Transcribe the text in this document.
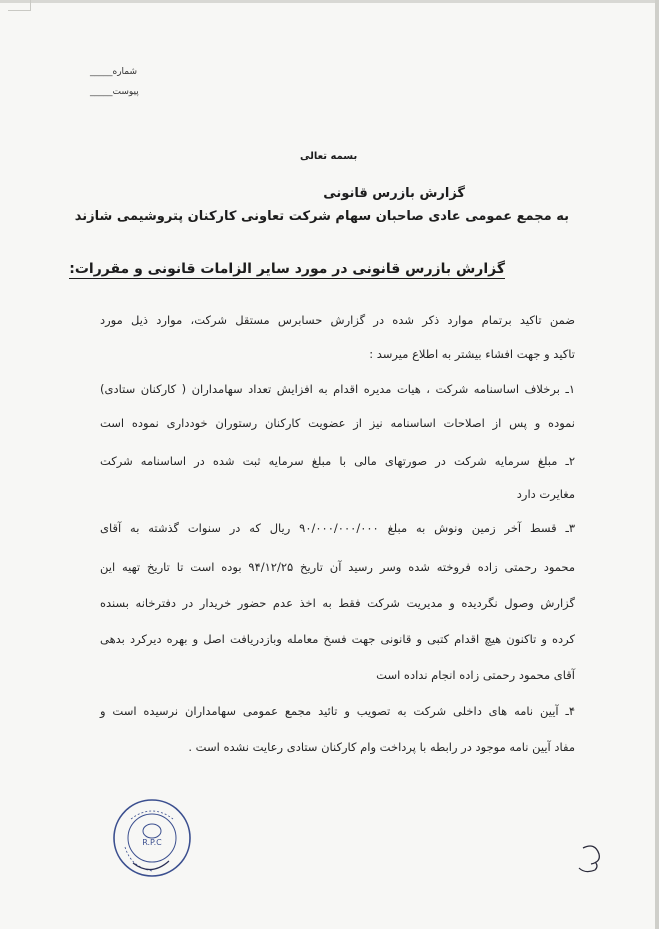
شماره_____
پیوست_____
بسمه تعالی
گزارش بازرس قانونی
به مجمع عمومی عادی صاحبان سهام شرکت تعاونی کارکنان پتروشیمی شازند
گزارش بازرس قانونی در مورد سایر الزامات قانونی و مقررات:
ضمن تاکید برتمام موارد ذکر شده در گزارش حسابرس مستقل شرکت، موارد ذیل مورد
تاکید و جهت افشاء بیشتر به اطلاع میرسد :
۱ـ برخلاف اساسنامه شرکت ، هیات مدیره اقدام به افزایش تعداد سهامداران ( کارکنان ستادی)
نموده و پس از اصلاحات اساسنامه نیز از عضویت کارکنان رستوران خودداری نموده است
۲ـ مبلغ سرمایه شرکت در صورتهای مالی با مبلغ سرمایه ثبت شده در اساسنامه شرکت
مغایرت دارد
۳ـ قسط آخر زمین ونوش به مبلغ ۹۰/۰۰۰/۰۰۰/۰۰۰ ریال که در سنوات گذشته به آقای
محمود رحمتی زاده فروخته شده وسر رسید آن تاریخ ۹۴/۱۲/۲۵ بوده است تا تاریخ تهیه این
گزارش وصول نگردیده و مدیریت شرکت فقط به اخذ عدم حضور خریدار در دفترخانه بسنده
کرده و تاکنون هیچ اقدام کتبی و قانونی جهت فسخ معامله وبازدریافت اصل و بهره دیرکرد بدهی
آقای محمود رحمتی زاده انجام نداده است
۴ـ آیین نامه های داخلی شرکت به تصویب و تائید مجمع عمومی سهامداران نرسیده است و
مفاد آیین نامه موجود در رابطه با پرداخت وام کارکنان ستادی رعایت نشده است .
R.P.C
